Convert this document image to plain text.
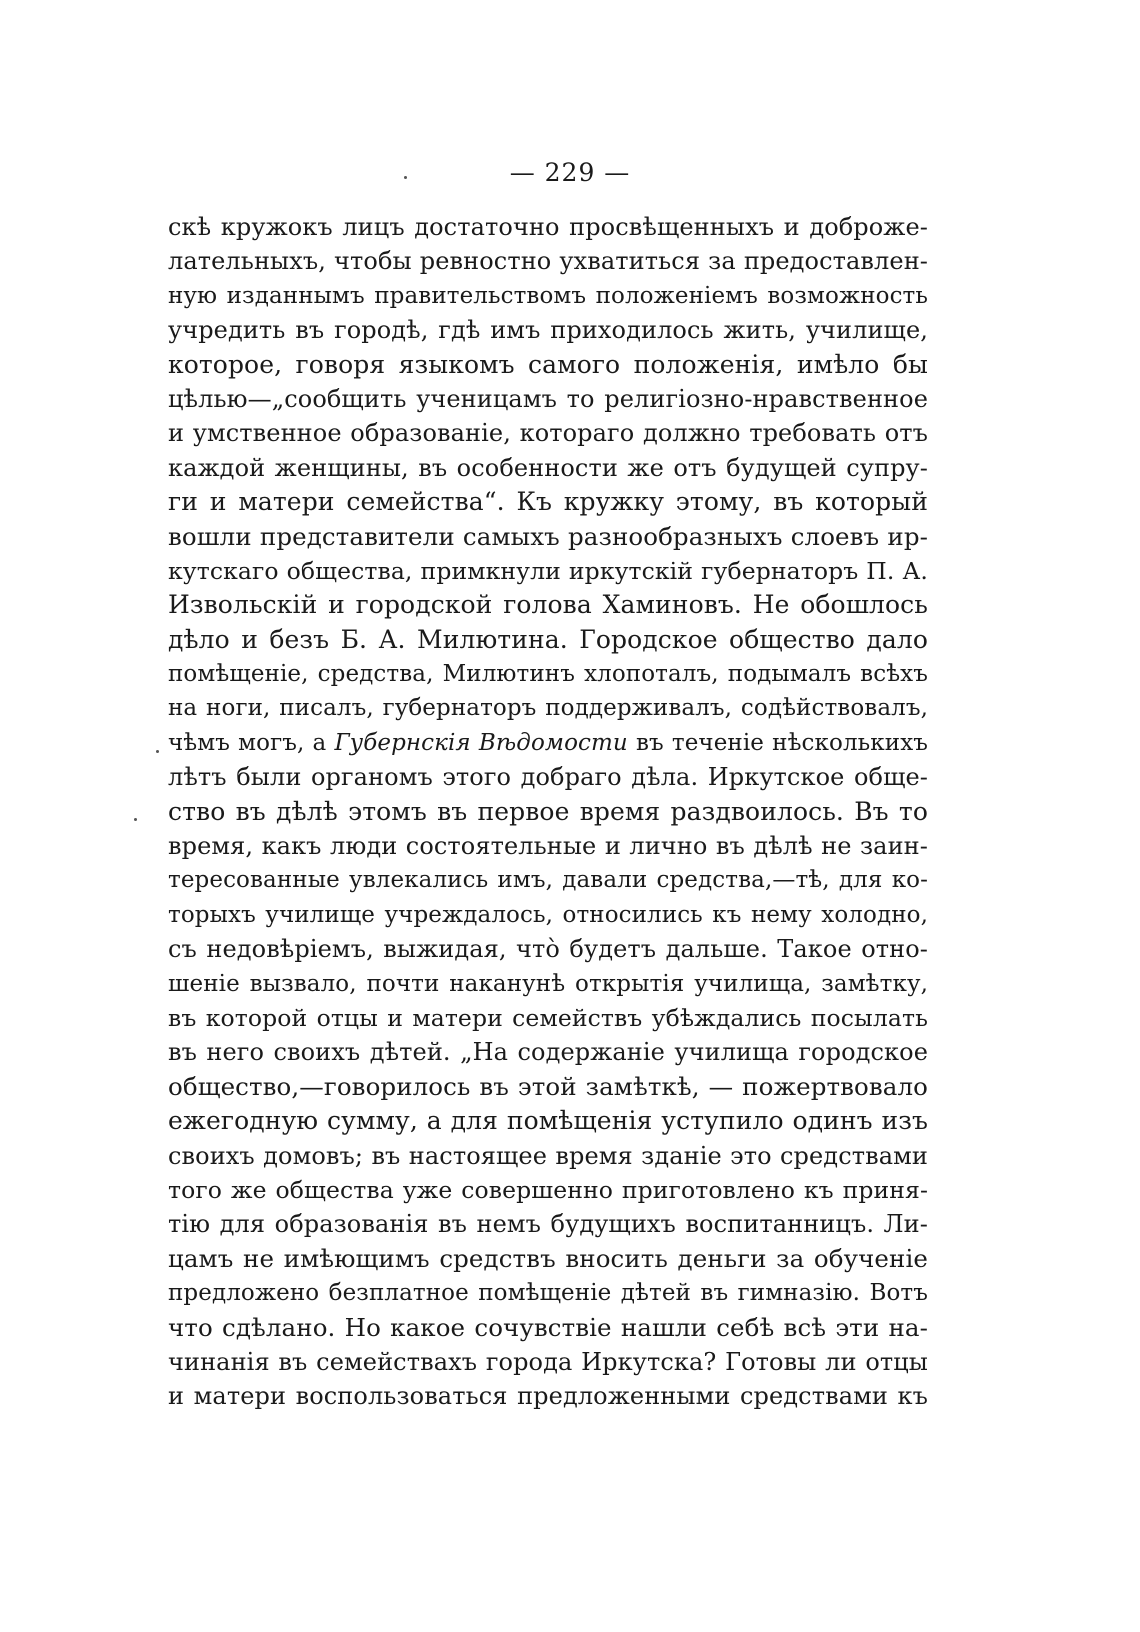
— 229 —
скѣ кружокъ лицъ достаточно просвѣщенныхъ и доброже-
лательныхъ, чтобы ревностно ухватиться за предоставлен-
ную изданнымъ правительствомъ положенiемъ возможность
учредить въ городѣ, гдѣ имъ приходилось жить, училище,
которое, говоря языкомъ самого положенiя, имѣло бы
цѣлью—„сообщить ученицамъ то религiозно-нравственное
и умственное образованiе, котораго должно требовать отъ
каждой женщины, въ особенности же отъ будущей супру-
ги и матери семейства“. Къ кружку этому, въ который
вошли представители самыхъ разнообразныхъ слоевъ ир-
кутскаго общества, примкнули иркутскiй губернаторъ П. А.
Извольскiй и городской голова Хаминовъ. Не обошлось
дѣло и безъ Б. А. Милютина. Городское общество дало
помѣщенiе, средства, Милютинъ хлопоталъ, подымалъ всѣхъ
на ноги, писалъ, губернаторъ поддерживалъ, содѣйствовалъ,
чѣмъ могъ, а Губернскiя Вѣдомости въ теченiе нѣсколькихъ
лѣтъ были органомъ этого добраго дѣла. Иркутское обще-
ство въ дѣлѣ этомъ въ первое время раздвоилось. Въ то
время, какъ люди состоятельные и лично въ дѣлѣ не заин-
тересованные увлекались имъ, давали средства,—тѣ, для ко-
торыхъ училище учреждалось, относились къ нему холодно,
съ недовѣрiемъ, выжидая, что̀ будетъ дальше. Такое отно-
шенiе вызвало, почти наканунѣ открытiя училища, замѣтку,
въ которой отцы и матери семействъ убѣждались посылать
въ него своихъ дѣтей. „На содержанiе училища городское
общество,—говорилось въ этой замѣткѣ, — пожертвовало
ежегодную сумму, а для помѣщенiя уступило одинъ изъ
своихъ домовъ; въ настоящее время зданiе это средствами
того же общества уже совершенно приготовлено къ приня-
тiю для образованiя въ немъ будущихъ воспитанницъ. Ли-
цамъ не имѣющимъ средствъ вносить деньги за обученiе
предложено безплатное помѣщенiе дѣтей въ гимназiю. Вотъ
что сдѣлано. Но какое сочувствiе нашли себѣ всѣ эти на-
чинанiя въ семействахъ города Иркутска? Готовы ли отцы
и матери воспользоваться предложенными средствами къ
